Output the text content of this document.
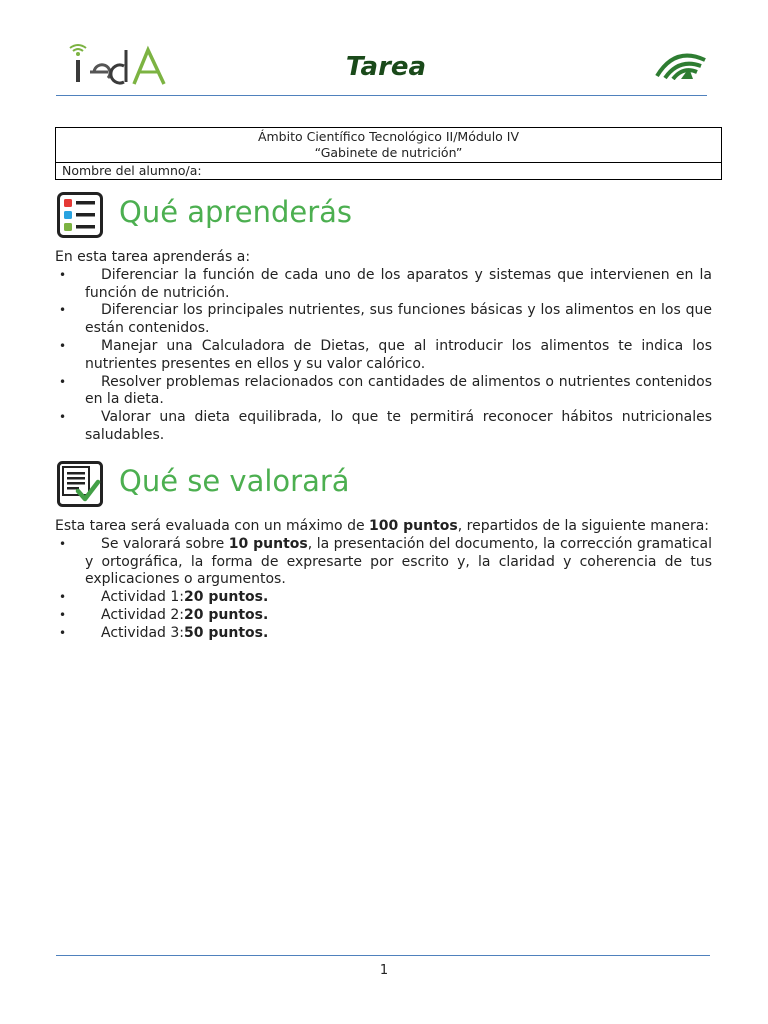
Tarea
Ámbito Científico Tecnológico II/Módulo IV
“Gabinete de nutrición”

Nombre del alumno/a:
Qué aprenderás

En esta tarea aprenderás a:

• Diferenciar la función de cada uno de los aparatos y sistemas que intervienen en la función de nutrición.
• Diferenciar los principales nutrientes, sus funciones básicas y los alimentos en los que están contenidos.
• Manejar una Calculadora de Dietas, que al introducir los alimentos te indica los nutrientes presentes en ellos y su valor calórico.
• Resolver problemas relacionados con cantidades de alimentos o nutrientes contenidos en la dieta.
• Valorar una dieta equilibrada, lo que te permitirá reconocer hábitos nutricionales saludables.
Qué se valorará

Esta tarea será evaluada con un máximo de 100 puntos, repartidos de la siguiente manera:

• Se valorará sobre 10 puntos, la presentación del documento, la corrección gramatical y ortográfica, la forma de expresarte por escrito y, la claridad y coherencia de tus explicaciones o argumentos.
• Actividad 1:20 puntos.
• Actividad 2:20 puntos.
• Actividad 3:50 puntos.
1
